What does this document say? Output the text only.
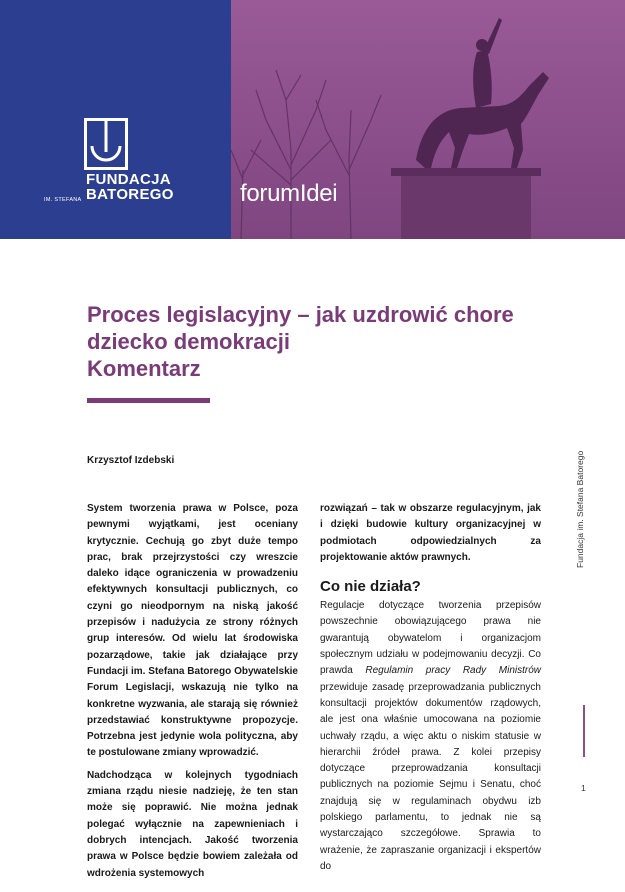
FUNDACJA
BATOREGO
IM. STEFANA	forumIdei
Proces legislacyjny – jak uzdrowić chore
dziecko demokracji
Komentarz
Krzysztof Izdebski

System tworzenia prawa w Polsce, poza pewnymi wyjątkami, jest oceniany krytycznie. Cechują go zbyt duże tempo prac, brak przejrzystości czy wreszcie daleko idące ograniczenia w prowadzeniu efektywnych konsultacji publicznych, co czyni go nieodpornym na niską jakość przepisów i nadużycia ze strony różnych grup interesów. Od wielu lat środowiska pozarządowe, takie jak działające przy Fundacji im. Stefana Batorego Obywatelskie Forum Legislacji, wskazują nie tylko na konkretne wyzwania, ale starają się również przedstawiać konstruktywne propozycje. Potrzebna jest jedynie wola polityczna, aby te postulowane zmiany wprowadzić.

Nadchodząca w kolejnych tygodniach zmiana rządu niesie nadzieję, że ten stan może się poprawić. Nie można jednak polegać wyłącznie na zapewnieniach i dobrych intencjach. Jakość tworzenia prawa w Polsce będzie bowiem zależała od wdrożenia systemowych

rozwiązań – tak w obszarze regulacyjnym, jak i dzięki budowie kultury organizacyjnej w podmiotach odpowiedzialnych za projektowanie aktów prawnych.

Co nie działa?

Regulacje dotyczące tworzenia przepisów powszechnie obowiązującego prawa nie gwarantują obywatelom i organizacjom społecznym udziału w podejmowaniu decyzji. Co prawda Regulamin pracy Rady Ministrów przewiduje zasadę przeprowadzania publicznych konsultacji projektów dokumentów rządowych, ale jest ona właśnie umocowana na poziomie uchwały rządu, a więc aktu o niskim statusie w hierarchii źródeł prawa. Z kolei przepisy dotyczące przeprowadzania konsultacji publicznych na poziomie Sejmu i Senatu, choć znajdują się w regulaminach obydwu izb polskiego parlamentu, to jednak nie są wystarczająco szczegółowe. Sprawia to wrażenie, że zapraszanie organizacji i ekspertów do

Fundacja im. Stefana Batorego
1
